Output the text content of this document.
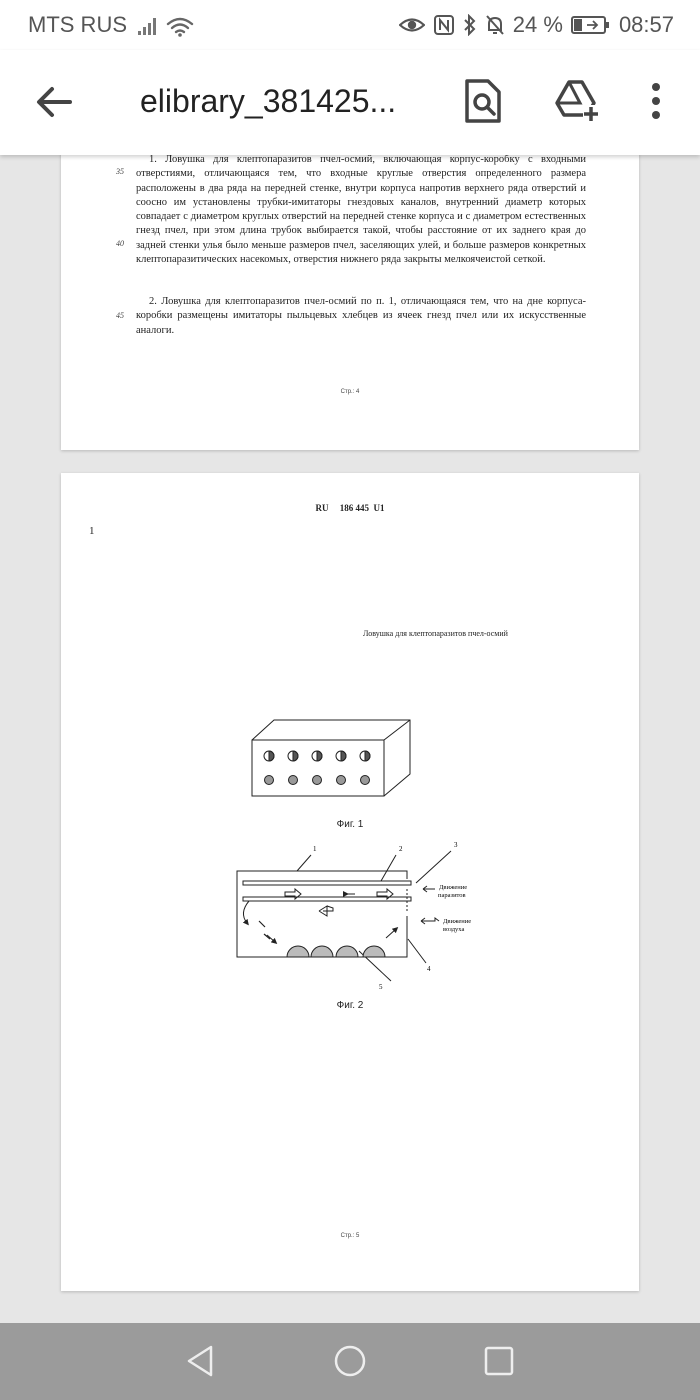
MTS RUS	24 %	08:57
elibrary_381425...

1. Ловушка для клептопаразитов пчел-осмий, включающая корпус-коробку с входными отверстиями, отличающаяся тем, что входные круглые отверстия определенного размера расположены в два ряда на передней стенке, внутри корпуса напротив верхнего ряда отверстий и соосно им установлены трубки-имитаторы гнездовых каналов, внутренний диаметр которых совпадает с диаметром круглых отверстий на передней стенке корпуса и с диаметром естественных гнезд пчел, при этом длина трубок выбирается такой, чтобы расстояние от их заднего края до задней стенки улья было меньше размеров пчел, заселяющих улей, и больше размеров конкретных клептопаразитических насекомых, отверстия нижнего ряда закрыты мелкоячеистой сеткой.

2. Ловушка для клептопаразитов пчел-осмий по п. 1, отличающаяся тем, что на дне корпуса-коробки размещены имитаторы пыльцевых хлебцев из ячеек гнезд пчел или их искусственные аналоги.

35
40
45
Стр.: 4
RU     186 445  U1
1
Ловушка для клептопаразитов пчел-осмий
Фиг. 1
1	2	3
4
5
Движение
паразитов
Движение
воздуха
Фиг. 2
Стр.: 5
